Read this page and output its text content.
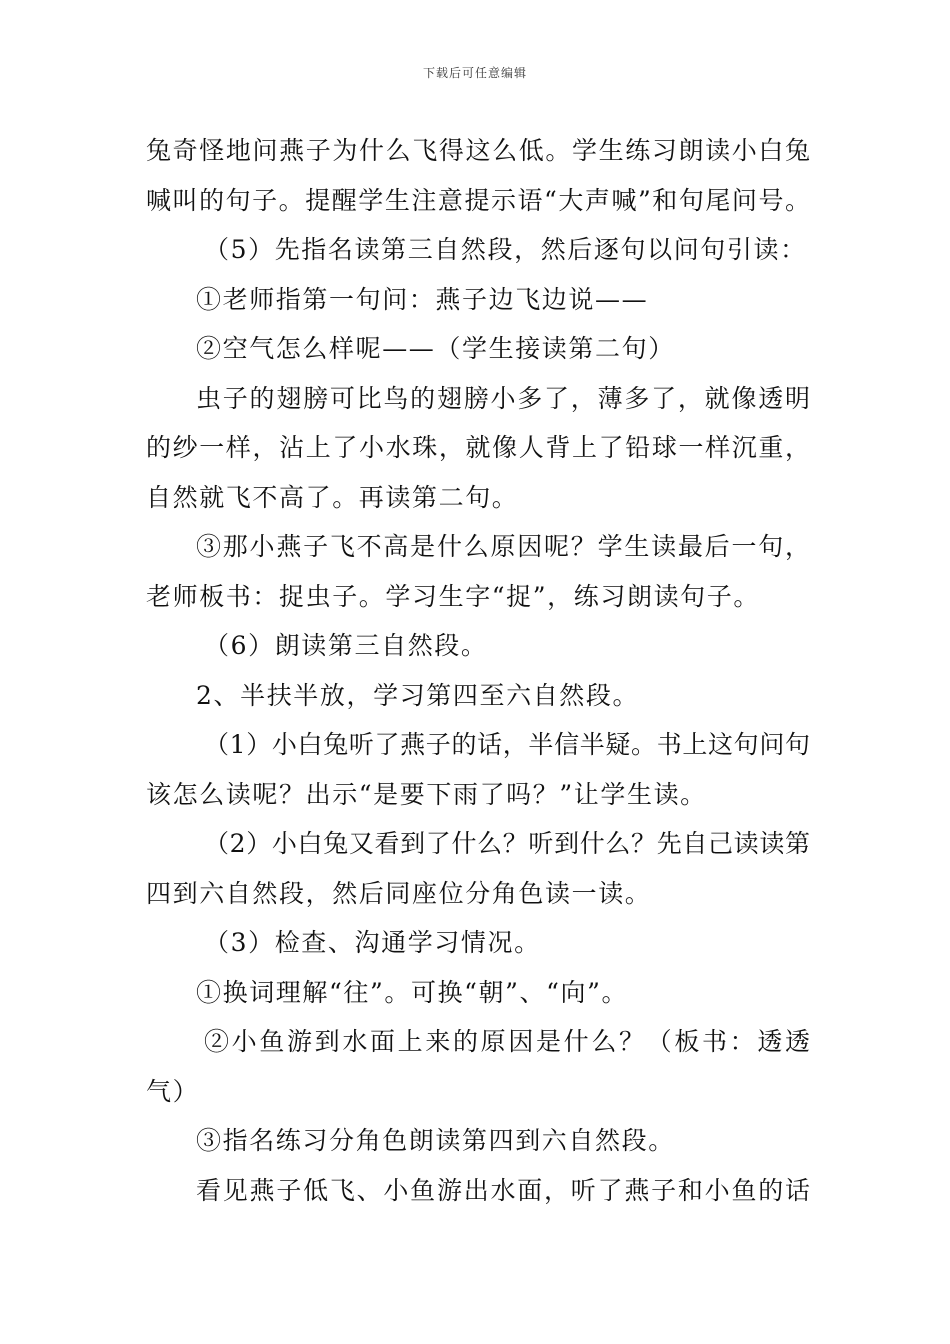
下载后可任意编辑
兔奇怪地问燕子为什么飞得这么低。学生练习朗读小白兔
喊叫的句子。提醒学生注意提示语“大声喊”和句尾问号。
（5）先指名读第三自然段，然后逐句以问句引读：
①老师指第一句问：燕子边飞边说——
②空气怎么样呢——（学生接读第二句）
虫子的翅膀可比鸟的翅膀小多了，薄多了，就像透明
的纱一样，沾上了小水珠，就像人背上了铅球一样沉重，
自然就飞不高了。再读第二句。
③那小燕子飞不高是什么原因呢？学生读最后一句，
老师板书：捉虫子。学习生字“捉”，练习朗读句子。
（6）朗读第三自然段。
2、半扶半放，学习第四至六自然段。
（1）小白兔听了燕子的话，半信半疑。书上这句问句
该怎么读呢？出示“是要下雨了吗？”让学生读。
（2）小白兔又看到了什么？听到什么？先自己读读第
四到六自然段，然后同座位分角色读一读。
（3）检查、沟通学习情况。
①换词理解“往”。可换“朝”、“向”。
②小鱼游到水面上来的原因是什么？（板书：透透
气）
③指名练习分角色朗读第四到六自然段。
看见燕子低飞、小鱼游出水面，听了燕子和小鱼的话
